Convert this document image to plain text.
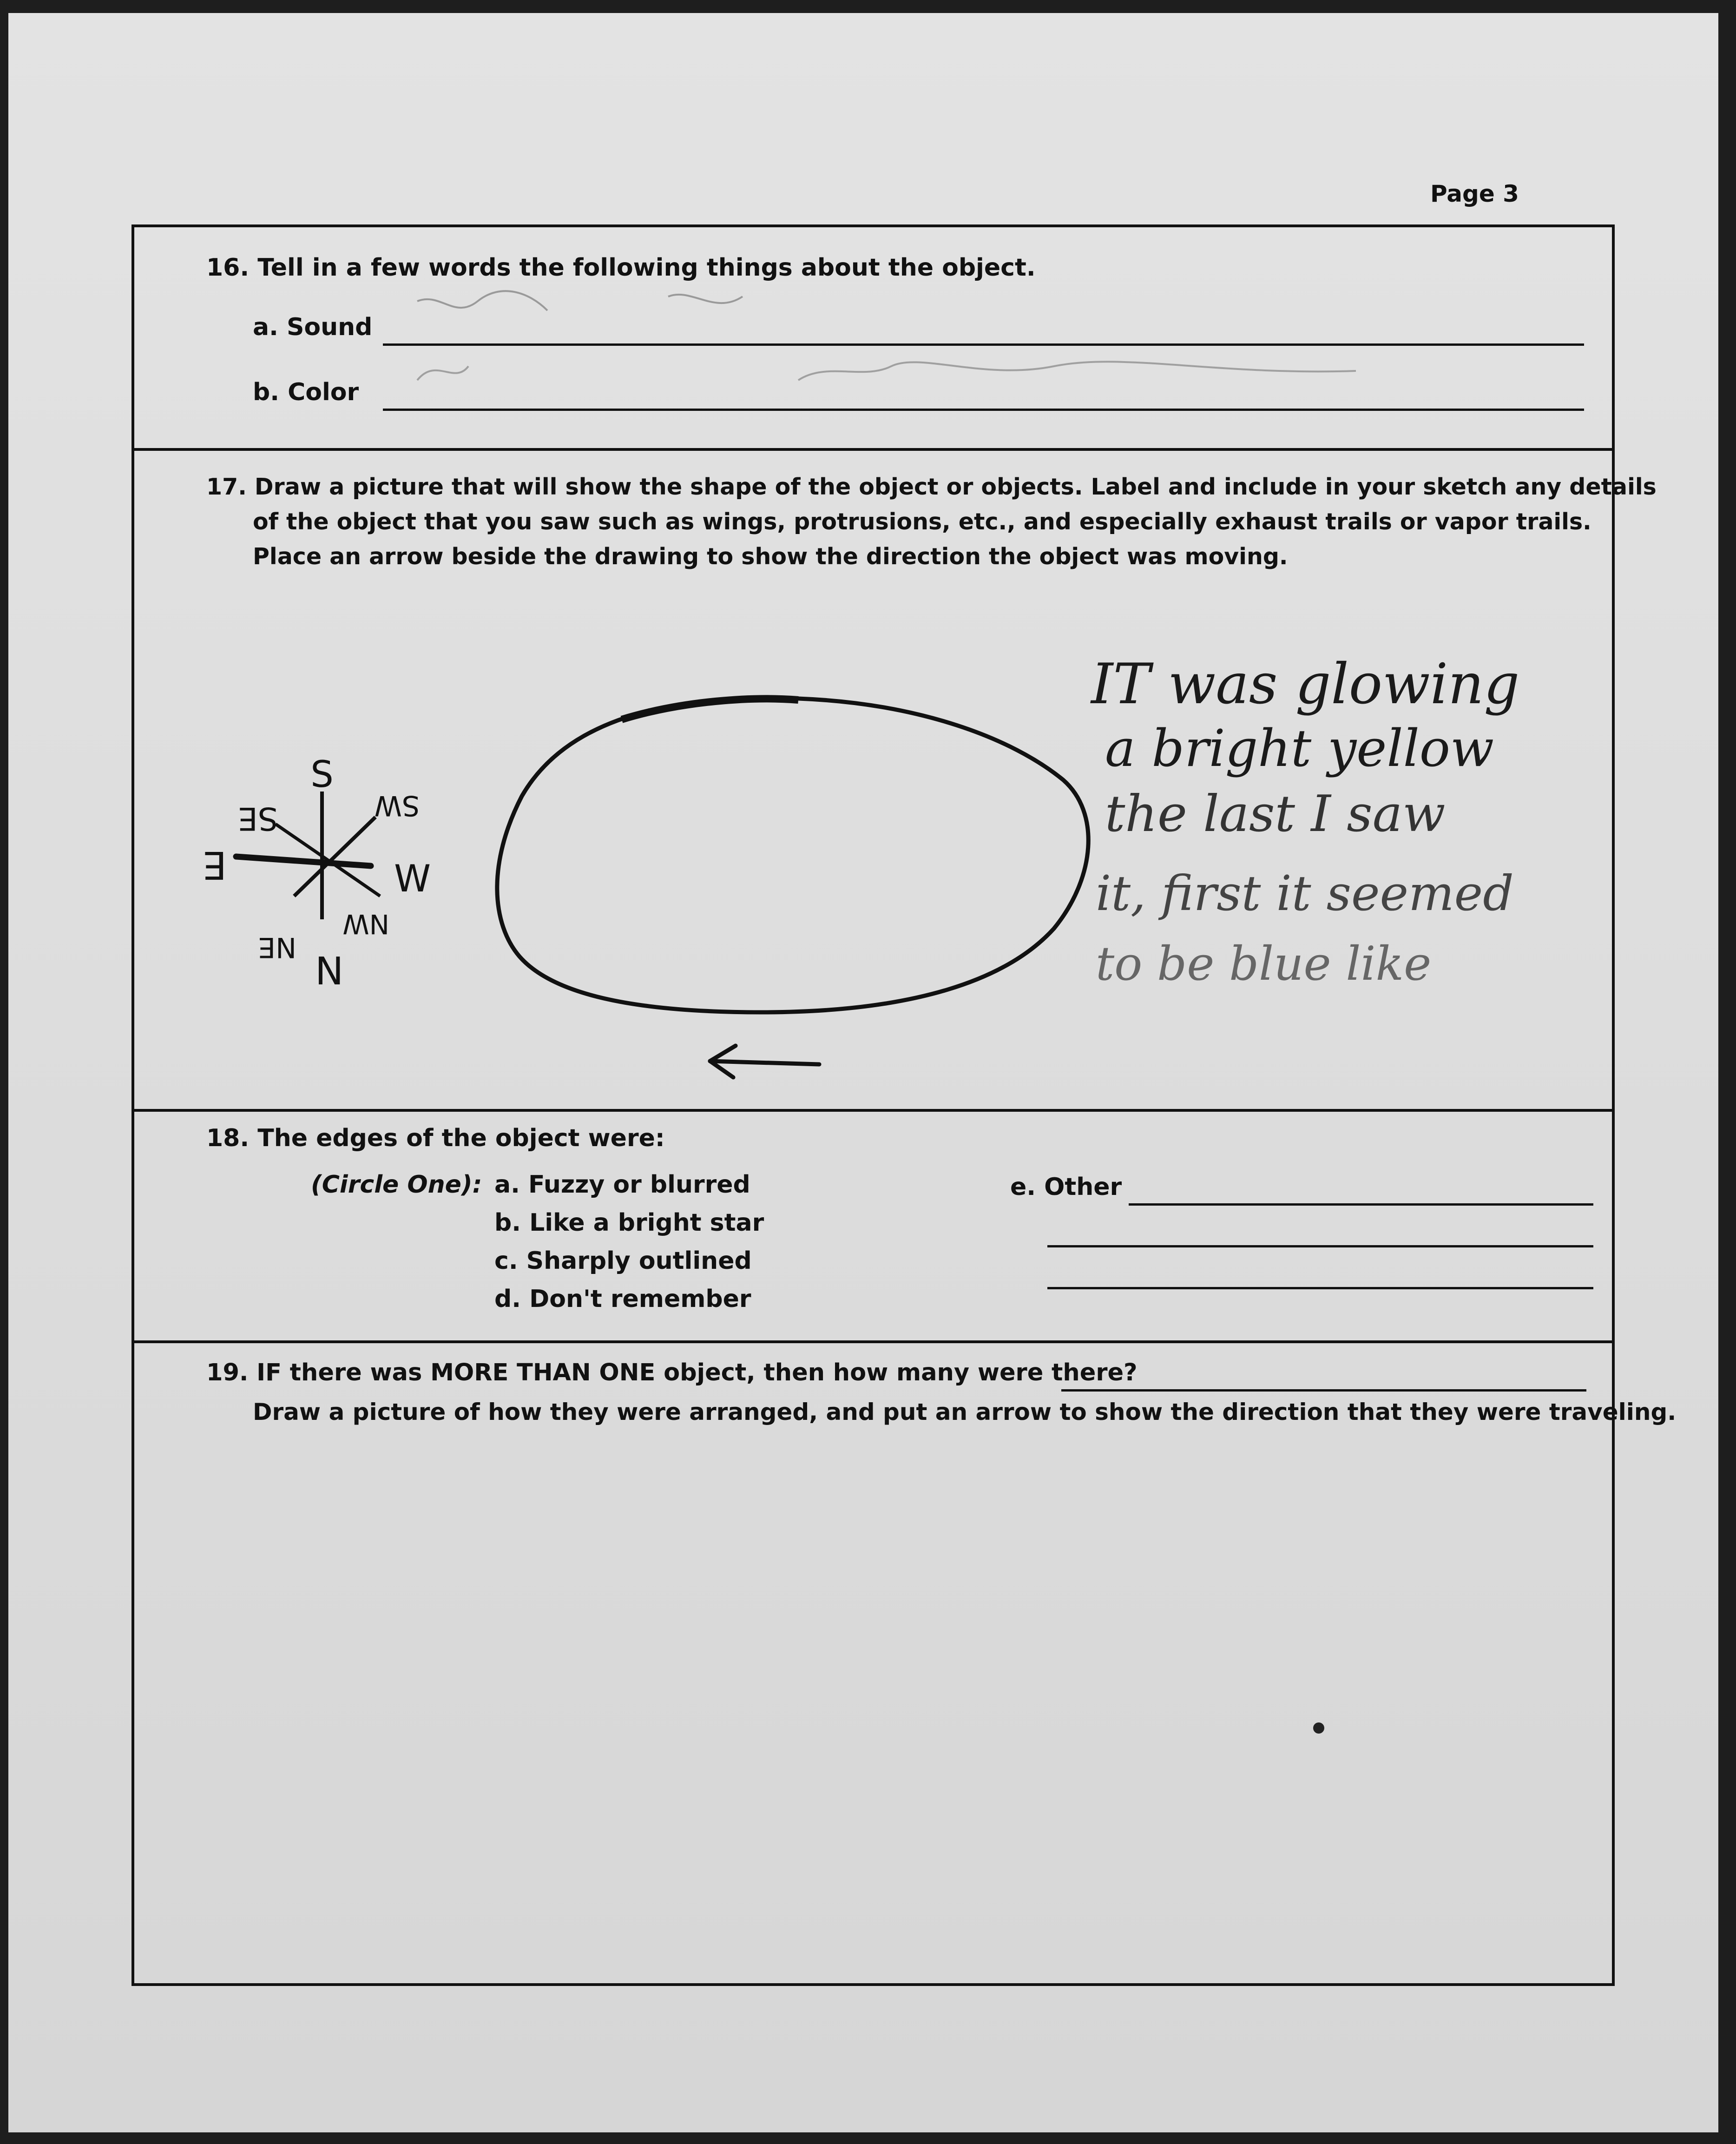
Page 3
16. Tell in a few words the following things about the object.
a. Sound
b. Color
17. Draw a picture that will show the shape of the object or objects. Label and include in your sketch any details
of the object that you saw such as wings, protrusions, etc., and especially exhaust trails or vapor trails.
Place an arrow beside the drawing to show the direction the object was moving.
18. The edges of the object were:
(Circle One): a. Fuzzy or blurred
b. Like a bright star
c. Sharply outlined
d. Don't remember
e. Other
19. IF there was MORE THAN ONE object, then how many were there?
Draw a picture of how they were arranged, and put an arrow to show the direction that they were traveling.
S
SW
SE
E	W
NW
NE
N
IT was glowing
a bright yellow
the last I saw
it, first it seemed
to be blue like
